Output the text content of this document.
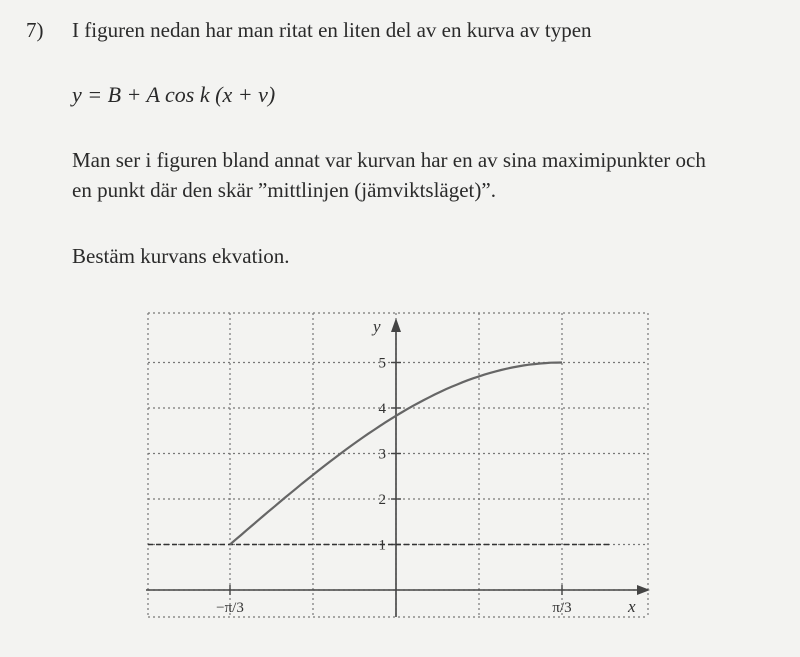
7) I figuren nedan har man ritat en liten del av en kurva av typen
y = B + A cos k (x + v)
Man ser i figuren bland annat var kurvan har en av sina maximipunkter och
en punkt där den skär ”mittlinjen (jämviktsläget)”.
Bestäm kurvans ekvation.
1
2
3
4
5
−π/3	π/3	x
y
